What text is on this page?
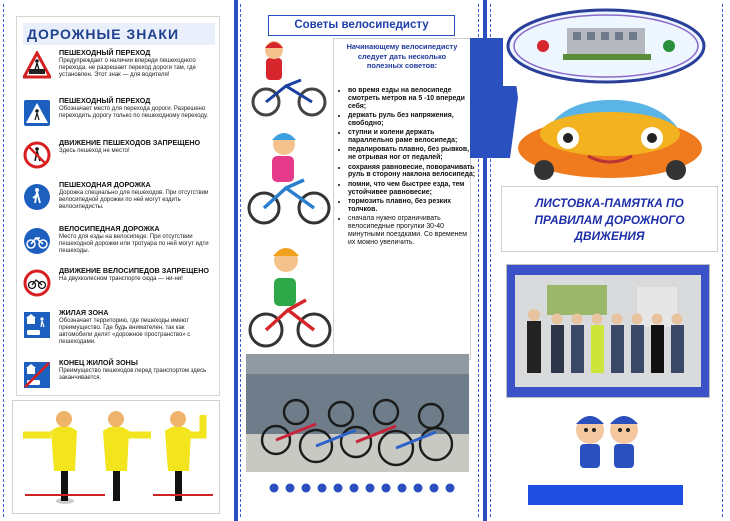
ДОРОЖНЫЕ ЗНАКИ
ПЕШЕХОДНЫЙ ПЕРЕХОД
Предупреждает о наличии впереди пешеходного перехода, не разрешает переход дороги там, где установлен. Этот знак — для водителя!
ПЕШЕХОДНЫЙ ПЕРЕХОД
Обозначает место для перехода дороги. Разрешено переходить дорогу только по пешеходному переходу.
ДВИЖЕНИЕ ПЕШЕХОДОВ ЗАПРЕЩЕНО
Здесь пешеход не место!
ПЕШЕХОДНАЯ ДОРОЖКА
Дорожка специально для пешеходов. При отсутствии велосипедной дорожки по ней могут ездить велосипедисты.
ВЕЛОСИПЕДНАЯ ДОРОЖКА
Место для езды на велосипеде. При отсутствии пешеходной дорожки или тротуара по ней могут идти пешеходы.
ДВИЖЕНИЕ ВЕЛОСИПЕДОВ ЗАПРЕЩЕНО
На двухколесном транспорте сюда — ни-ни!
ЖИЛАЯ ЗОНА
Обозначает территорию, где пешеходы имеют преимущество. Где будь внимателен, так как автомобили делят «дорожное пространство» с пешеходами.
КОНЕЦ ЖИЛОЙ ЗОНЫ
Преимущество пешеходов перед транспортом здесь заканчивается.
Советы велосипедисту
Начинающему велосипедисту следует дать несколько полезных советов:
• во время езды на велосипеде смотреть метров на 5 -10 впереди себя;
• держать руль без напряжения, свободно;
• ступни и колени держать параллельно раме велосипеда;
• педалировать плавно, без рывков, не отрывая ног от педалей;
• сохраняя равновесие, поворачивать руль в сторону наклона велосипеда;
• помни, что чем быстрее езда, тем устойчивее равновесие;
• тормозить плавно, без резких толчков.
• сначала нужно ограничивать велосипедные прогулки 30-40 минутными поездками. Со временем их можно увеличить.
ЛИСТОВКА-ПАМЯТКА ПО ПРАВИЛАМ ДОРОЖНОГО ДВИЖЕНИЯ
